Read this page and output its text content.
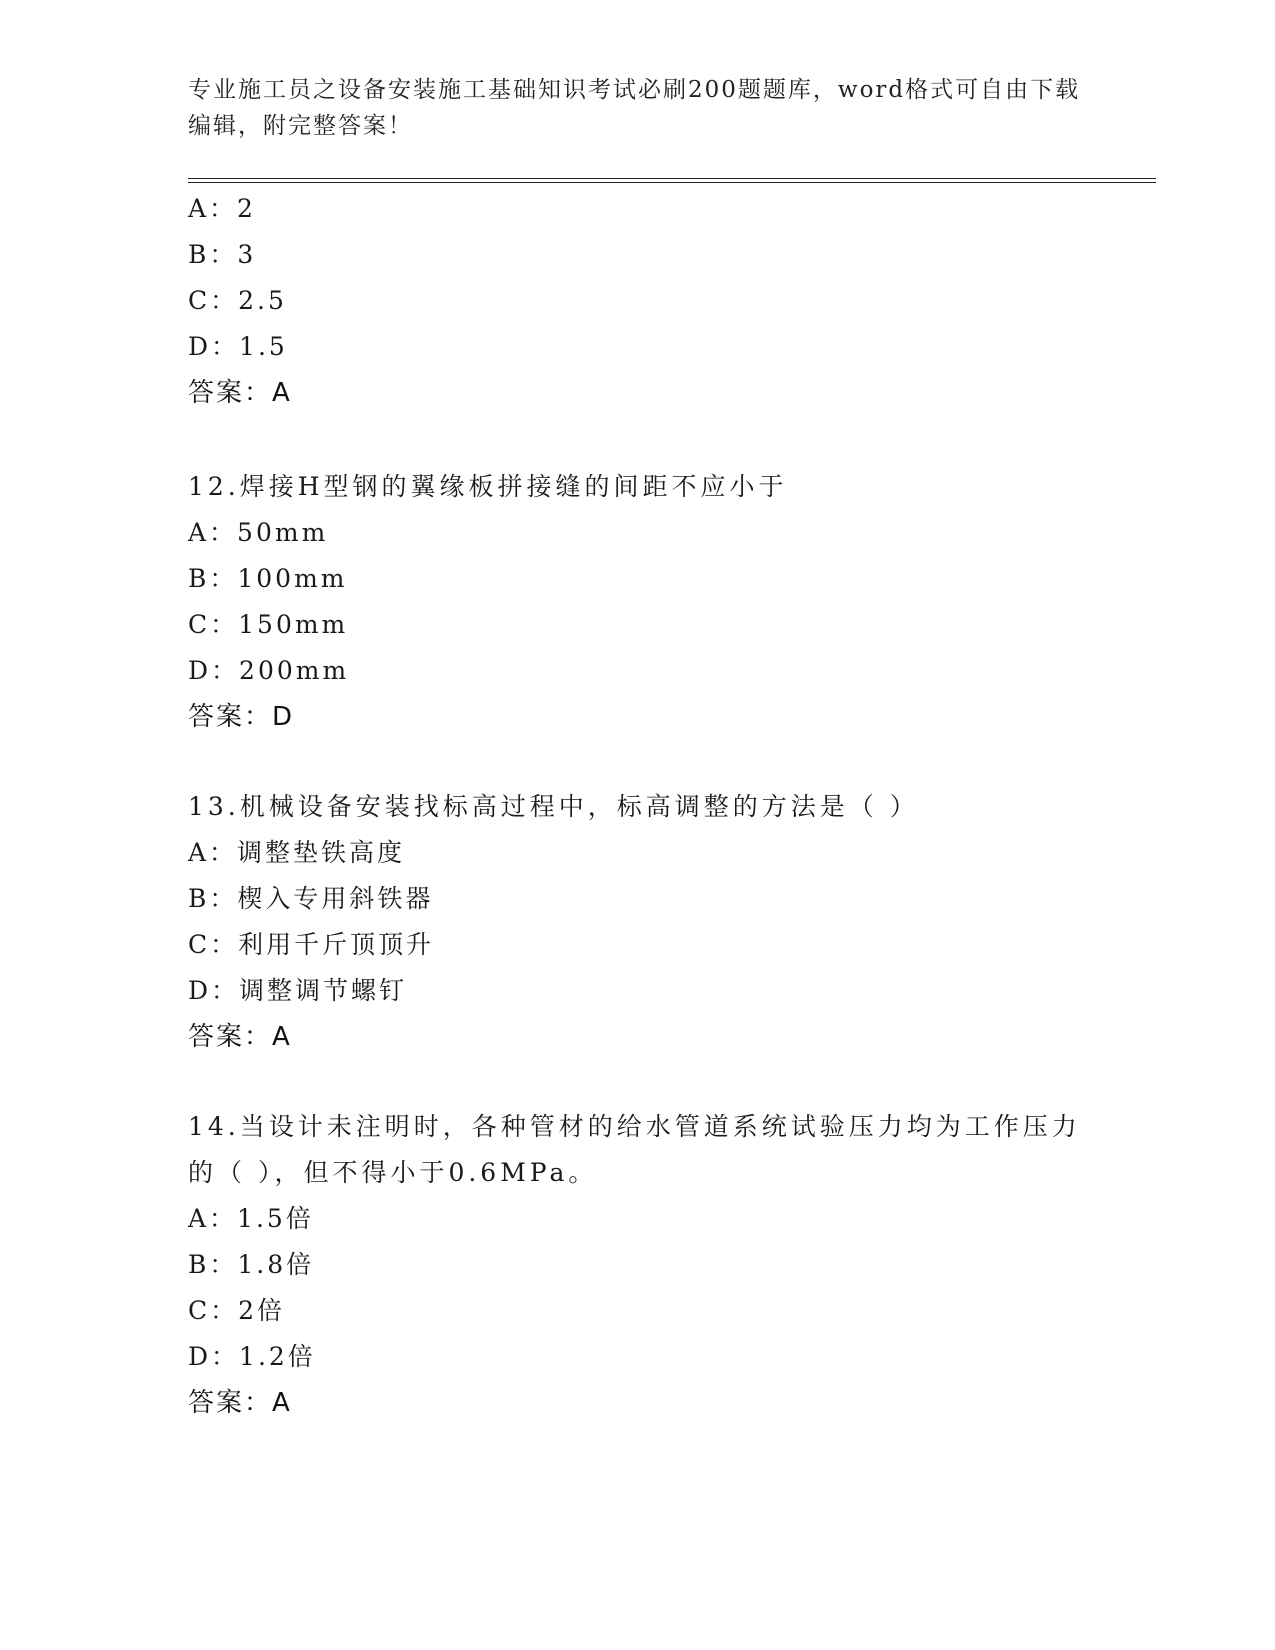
专业施工员之设备安装施工基础知识考试必刷200题题库，word格式可自由下载编辑，附完整答案！
A：2
B：3
C：2.5
D：1.5
答案：A
12.焊接H型钢的翼缘板拼接缝的间距不应小于
A：50mm
B：100mm
C：150mm
D：200mm
答案：D
13.机械设备安装找标高过程中，标高调整的方法是（ ）
A：调整垫铁高度
B：楔入专用斜铁器
C：利用千斤顶顶升
D：调整调节螺钉
答案：A
14.当设计未注明时，各种管材的给水管道系统试验压力均为工作压力的（ ），但不得小于0.6MPa。
A：1.5倍
B：1.8倍
C：2倍
D：1.2倍
答案：A
